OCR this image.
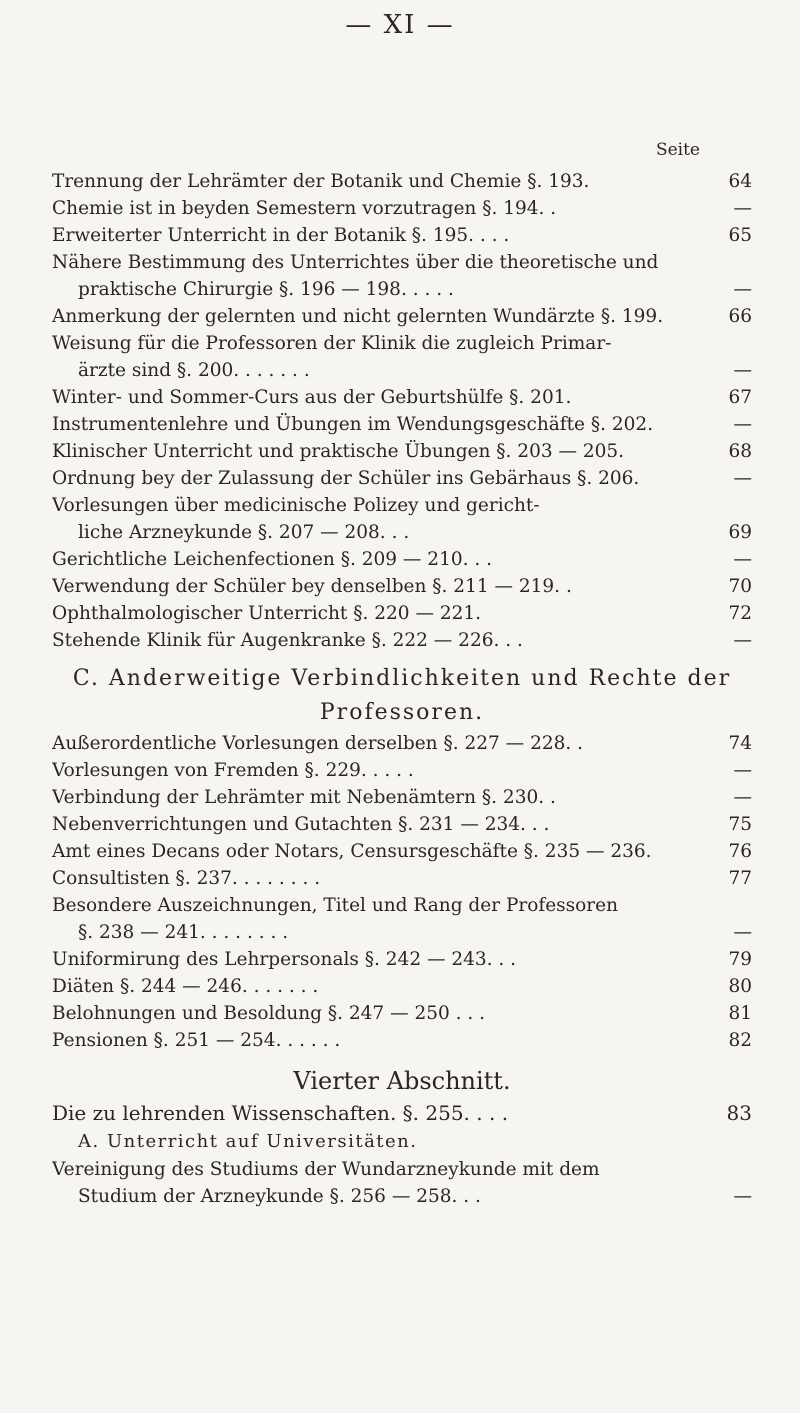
— XI —
Seite
Trennung der Lehrämter der Botanik und Chemie §. 193.	64
Chemie ist in beyden Semestern vorzutragen §. 194. .	—
Erweiterter Unterricht in der Botanik §. 195. . . .	65
Nähere Bestimmung des Unterrichtes über die theoretische und
praktische Chirurgie §. 196 — 198. . . . .	—
Anmerkung der gelernten und nicht gelernten Wundärzte §. 199.	66
Weisung für die Professoren der Klinik die zugleich Primar-
ärzte sind §. 200. . . . . . .	—
Winter- und Sommer-Curs aus der Geburtshülfe §. 201.	67
Instrumentenlehre und Übungen im Wendungsgeschäfte §. 202.	—
Klinischer Unterricht und praktische Übungen §. 203 — 205.	68
Ordnung bey der Zulassung der Schüler ins Gebärhaus §. 206.	—
Vorlesungen über medicinische Polizey und gericht-
liche Arzneykunde §. 207 — 208. . .	69
Gerichtliche Leichenfectionen §. 209 — 210. . .	—
Verwendung der Schüler bey denselben §. 211 — 219. .	70
Ophthalmologischer Unterricht §. 220 — 221.	72
Stehende Klinik für Augenkranke §. 222 — 226. . .	—
C. Anderweitige Verbindlichkeiten und Rechte der
Professoren.
Außerordentliche Vorlesungen derselben §. 227 — 228. .	74
Vorlesungen von Fremden §. 229. . . . .	—
Verbindung der Lehrämter mit Nebenämtern §. 230. .	—
Nebenverrichtungen und Gutachten §. 231 — 234. . .	75
Amt eines Decans oder Notars, Censursgeschäfte §. 235 — 236.	76
Consultisten §. 237. . . . . . . .	77
Besondere Auszeichnungen, Titel und Rang der Professoren
§. 238 — 241. . . . . . . .	—
Uniformirung des Lehrpersonals §. 242 — 243. . .	79
Diäten §. 244 — 246. . . . . . .	80
Belohnungen und Besoldung §. 247 — 250 . . .	81
Pensionen §. 251 — 254. . . . . .	82
Vierter Abschnitt.
Die zu lehrenden Wissenschaften. §. 255. . . .	83
A. Unterricht auf Universitäten.
Vereinigung des Studiums der Wundarzneykunde mit dem
Studium der Arzneykunde §. 256 — 258. . .	—
